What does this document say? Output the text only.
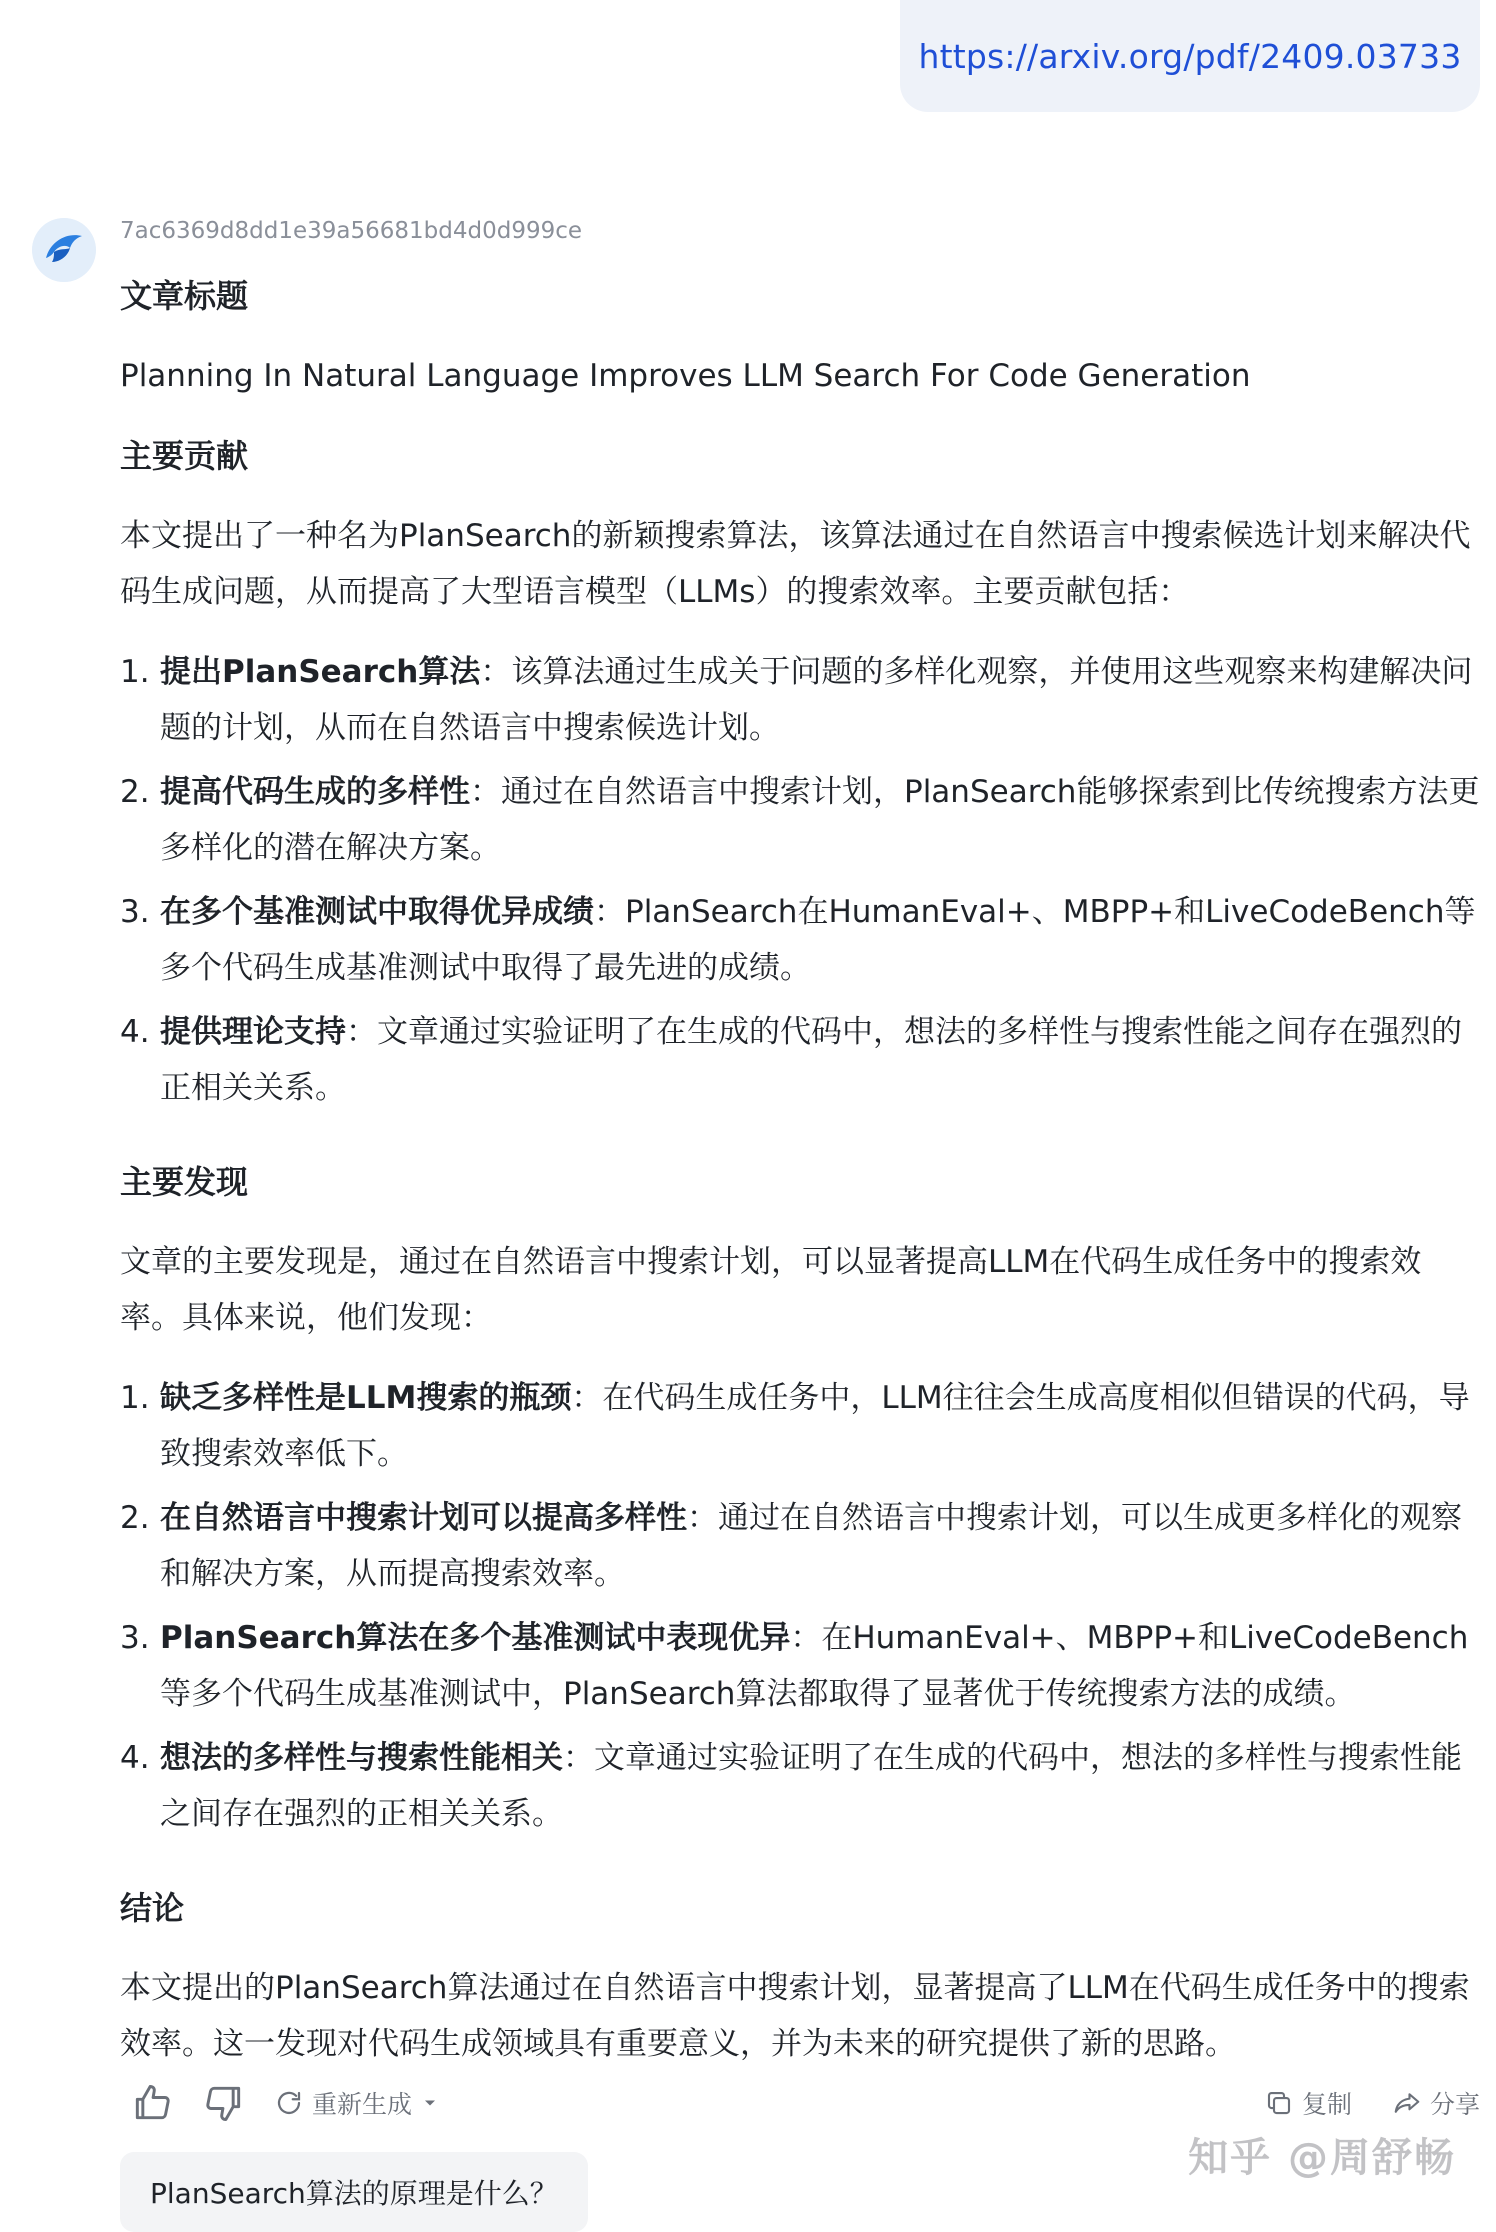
https://arxiv.org/pdf/2409.03733
7ac6369d8dd1e39a56681bd4d0d999ce

文章标题

Planning In Natural Language Improves LLM Search For Code Generation

主要贡献

本文提出了一种名为PlanSearch的新颖搜索算法，该算法通过在自然语言中搜索候选计划来解决代码生成问题，从而提高了大型语言模型（LLMs）的搜索效率。主要贡献包括：

1. 提出PlanSearch算法：该算法通过生成关于问题的多样化观察，并使用这些观察来构建解决问题的计划，从而在自然语言中搜索候选计划。
2. 提高代码生成的多样性：通过在自然语言中搜索计划，PlanSearch能够探索到比传统搜索方法更多样化的潜在解决方案。
3. 在多个基准测试中取得优异成绩：PlanSearch在HumanEval+、MBPP+和LiveCodeBench等多个代码生成基准测试中取得了最先进的成绩。
4. 提供理论支持：文章通过实验证明了在生成的代码中，想法的多样性与搜索性能之间存在强烈的正相关关系。

主要发现

文章的主要发现是，通过在自然语言中搜索计划，可以显著提高LLM在代码生成任务中的搜索效率。具体来说，他们发现：

1. 缺乏多样性是LLM搜索的瓶颈：在代码生成任务中，LLM往往会生成高度相似但错误的代码，导致搜索效率低下。
2. 在自然语言中搜索计划可以提高多样性：通过在自然语言中搜索计划，可以生成更多样化的观察和解决方案，从而提高搜索效率。
3. PlanSearch算法在多个基准测试中表现优异：在HumanEval+、MBPP+和LiveCodeBench等多个代码生成基准测试中，PlanSearch算法都取得了显著优于传统搜索方法的成绩。
4. 想法的多样性与搜索性能相关：文章通过实验证明了在生成的代码中，想法的多样性与搜索性能之间存在强烈的正相关关系。

结论

本文提出的PlanSearch算法通过在自然语言中搜索计划，显著提高了LLM在代码生成任务中的搜索效率。这一发现对代码生成领域具有重要意义，并为未来的研究提供了新的思路。

重新生成	复制	分享
PlanSearch算法的原理是什么？
知乎 @周舒畅
